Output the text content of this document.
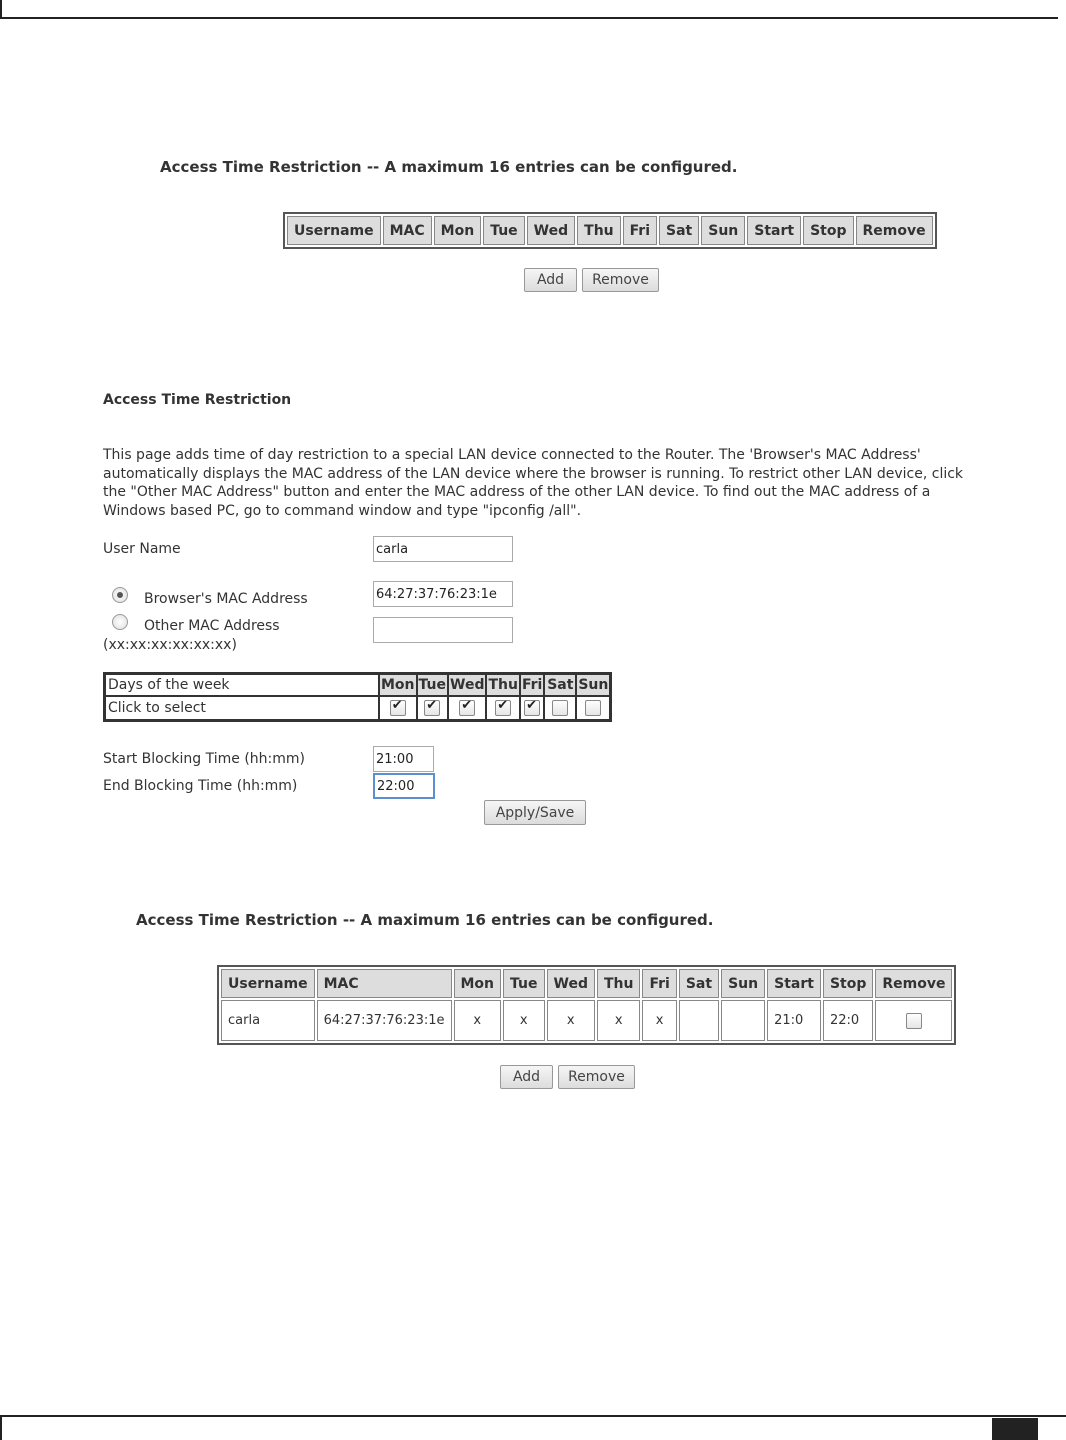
Access Time Restriction -- A maximum 16 entries can be configured.
Username	MAC	Mon	Tue	Wed	Thu	Fri	Sat	Sun	Start	Stop	Remove
Add	Remove
Access Time Restriction
This page adds time of day restriction to a special LAN device connected to the Router. The 'Browser's MAC Address' automatically displays the MAC address of the LAN device where the browser is running. To restrict other LAN device, click the "Other MAC Address" button and enter the MAC address of the other LAN device. To find out the MAC address of a Windows based PC, go to command window and type "ipconfig /all".
User Name
carla
Browser's MAC Address
64:27:37:76:23:1e
Other MAC Address
(xx:xx:xx:xx:xx:xx)
Days of the week	Mon	Tue	Wed	Thu	Fri	Sat	Sun
Click to select	✔	✔	✔	✔	✔		
Start Blocking Time (hh:mm)
21:00
End Blocking Time (hh:mm)
22:00
Apply/Save
Access Time Restriction -- A maximum 16 entries can be configured.
Username	MAC	Mon	Tue	Wed	Thu	Fri	Sat	Sun	Start	Stop	Remove
carla	64:27:37:76:23:1e	x	x	x	x	x			21:0	22:0	
Add	Remove
